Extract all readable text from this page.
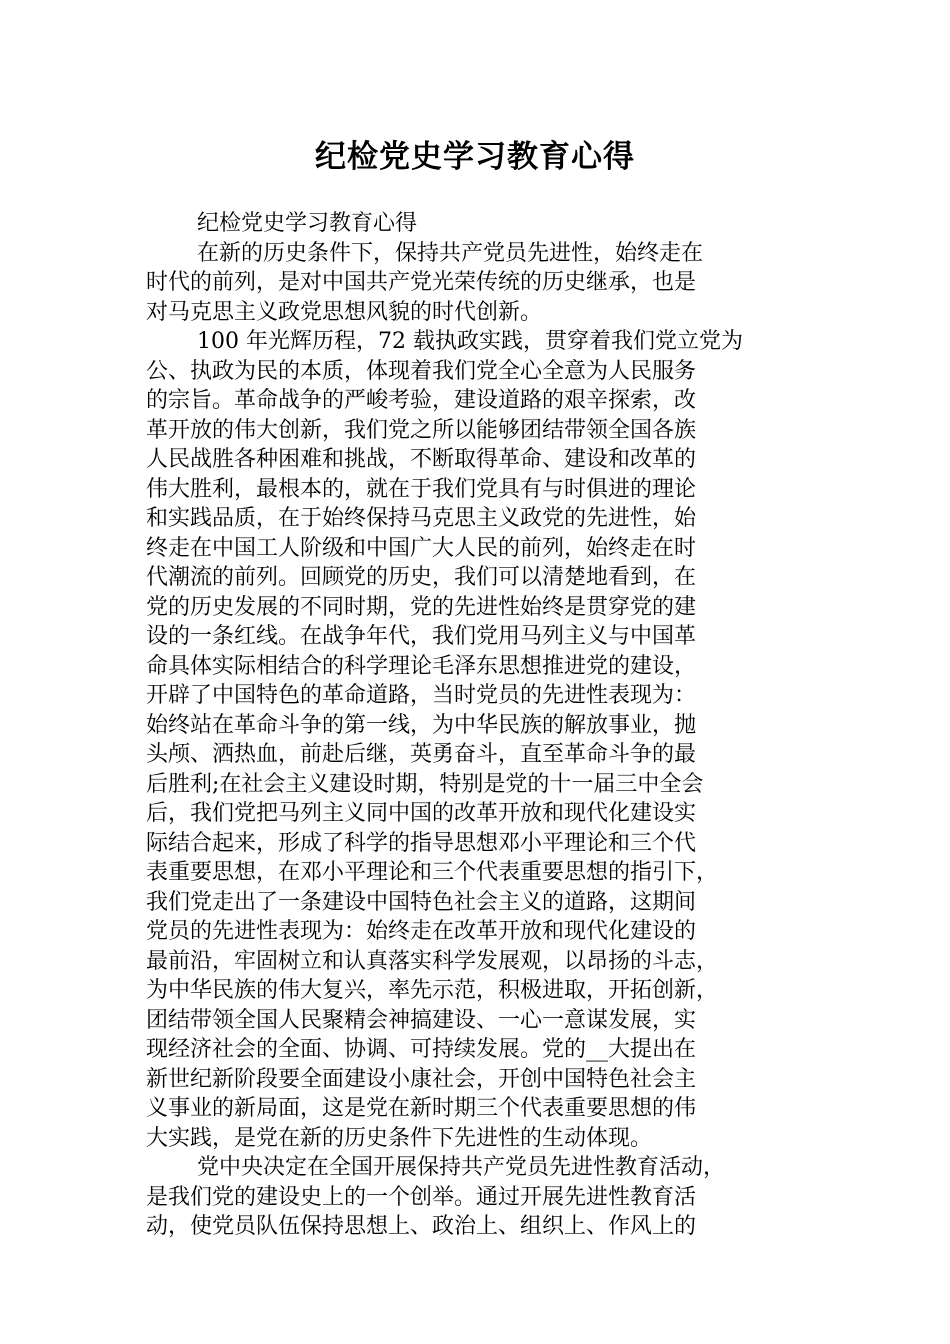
纪检党史学习教育心得
纪检党史学习教育心得
在新的历史条件下，保持共产党员先进性，始终走在
时代的前列，是对中国共产党光荣传统的历史继承，也是
对马克思主义政党思想风貌的时代创新。
100 年光辉历程，72 载执政实践，贯穿着我们党立党为
公、执政为民的本质，体现着我们党全心全意为人民服务
的宗旨。革命战争的严峻考验，建设道路的艰辛探索，改
革开放的伟大创新，我们党之所以能够团结带领全国各族
人民战胜各种困难和挑战，不断取得革命、建设和改革的
伟大胜利，最根本的，就在于我们党具有与时俱进的理论
和实践品质，在于始终保持马克思主义政党的先进性，始
终走在中国工人阶级和中国广大人民的前列，始终走在时
代潮流的前列。回顾党的历史，我们可以清楚地看到，在
党的历史发展的不同时期，党的先进性始终是贯穿党的建
设的一条红线。在战争年代，我们党用马列主义与中国革
命具体实际相结合的科学理论毛泽东思想推进党的建设，
开辟了中国特色的革命道路，当时党员的先进性表现为：
始终站在革命斗争的第一线，为中华民族的解放事业，抛
头颅、洒热血，前赴后继，英勇奋斗，直至革命斗争的最
后胜利;在社会主义建设时期，特别是党的十一届三中全会
后，我们党把马列主义同中国的改革开放和现代化建设实
际结合起来，形成了科学的指导思想邓小平理论和三个代
表重要思想，在邓小平理论和三个代表重要思想的指引下，
我们党走出了一条建设中国特色社会主义的道路，这期间
党员的先进性表现为：始终走在改革开放和现代化建设的
最前沿，牢固树立和认真落实科学发展观，以昂扬的斗志，
为中华民族的伟大复兴，率先示范，积极进取，开拓创新，
团结带领全国人民聚精会神搞建设、一心一意谋发展，实
现经济社会的全面、协调、可持续发展。党的__大提出在
新世纪新阶段要全面建设小康社会，开创中国特色社会主
义事业的新局面，这是党在新时期三个代表重要思想的伟
大实践，是党在新的历史条件下先进性的生动体现。
党中央决定在全国开展保持共产党员先进性教育活动，
是我们党的建设史上的一个创举。通过开展先进性教育活
动，使党员队伍保持思想上、政治上、组织上、作风上的
